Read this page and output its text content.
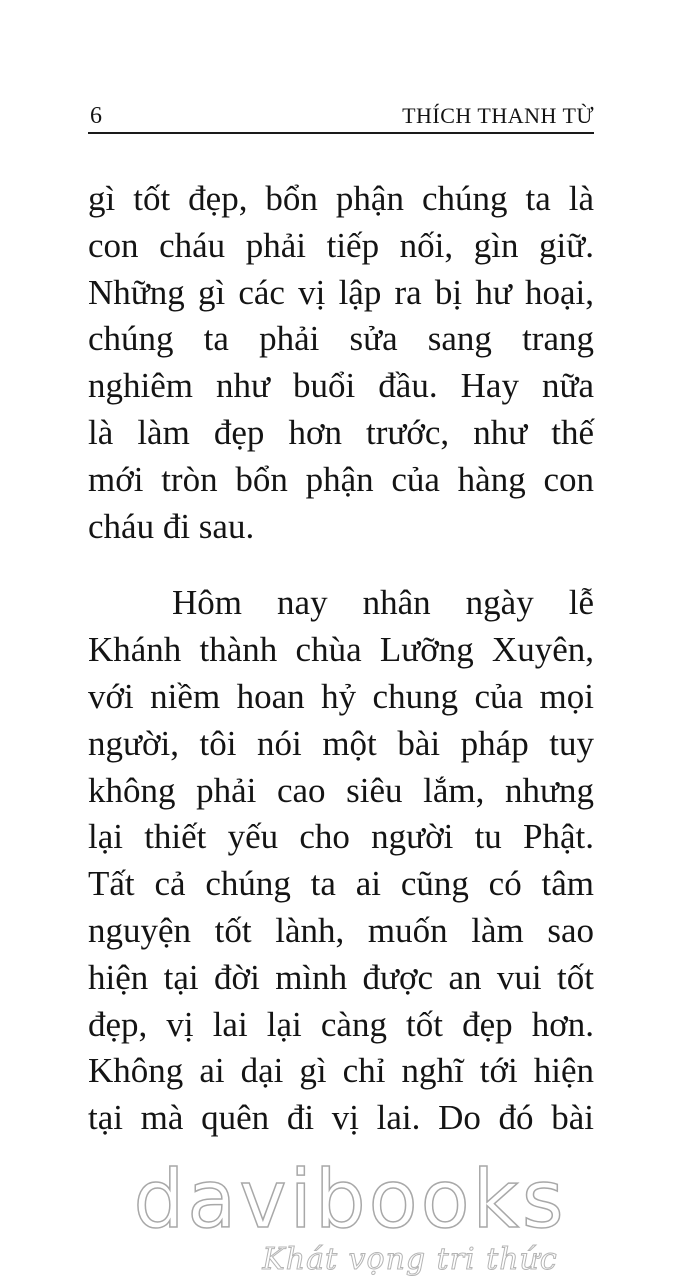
6	THÍCH THANH TỪ
gì tốt đẹp, bổn phận chúng ta là
con cháu phải tiếp nối, gìn giữ.
Những gì các vị lập ra bị hư hoại,
chúng ta phải sửa sang trang
nghiêm như buổi đầu. Hay nữa
là làm đẹp hơn trước, như thế
mới tròn bổn phận của hàng con
cháu đi sau.
Hôm nay nhân ngày lễ
Khánh thành chùa Lưỡng Xuyên,
với niềm hoan hỷ chung của mọi
người, tôi nói một bài pháp tuy
không phải cao siêu lắm, nhưng
lại thiết yếu cho người tu Phật.
Tất cả chúng ta ai cũng có tâm
nguyện tốt lành, muốn làm sao
hiện tại đời mình được an vui tốt
đẹp, vị lai lại càng tốt đẹp hơn.
Không ai dại gì chỉ nghĩ tới hiện
tại mà quên đi vị lai. Do đó bài
davibooks
Khát vọng tri thức
